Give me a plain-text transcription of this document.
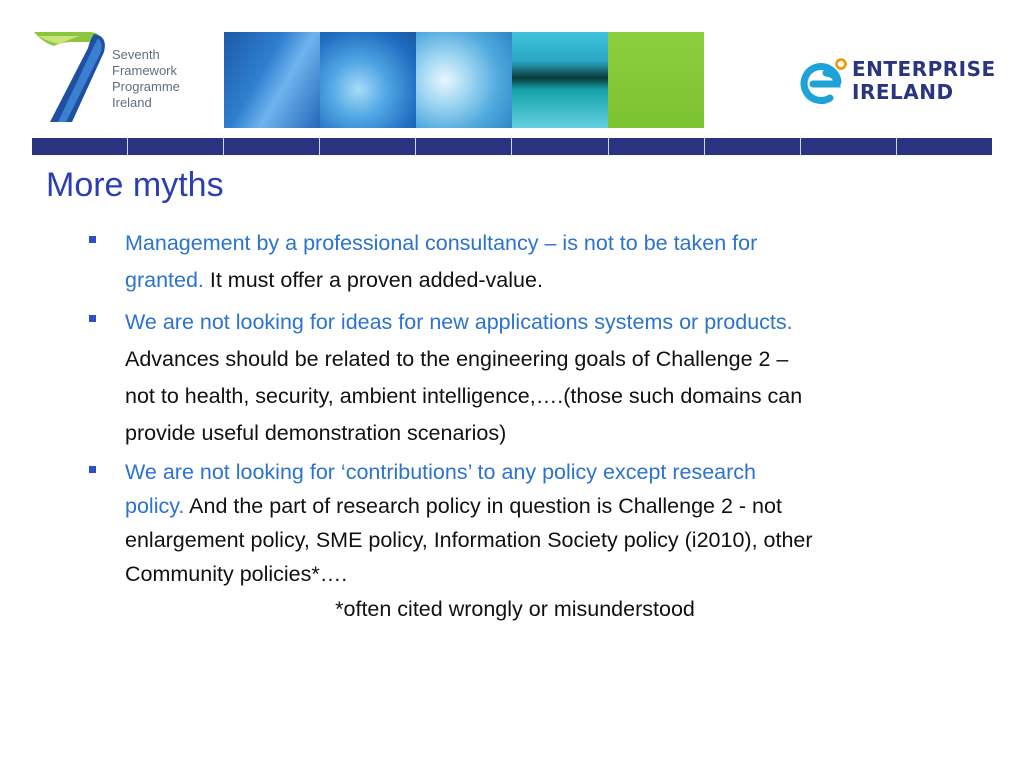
Seventh
Framework
Programme
Ireland
ENTERPRISE
IRELAND
More myths
Management by a professional consultancy – is not to be taken for
granted. It must offer a proven added-value.
We are not looking for ideas for new applications systems or products.
Advances should be related to the engineering goals of Challenge 2 –
not to health, security, ambient intelligence,….(those such domains can
provide useful demonstration scenarios)
We are not looking for ‘contributions’ to any policy except research
policy. And the part of research policy in question is Challenge 2 - not
enlargement policy, SME policy, Information Society policy (i2010), other
Community policies*….
*often cited wrongly or misunderstood
